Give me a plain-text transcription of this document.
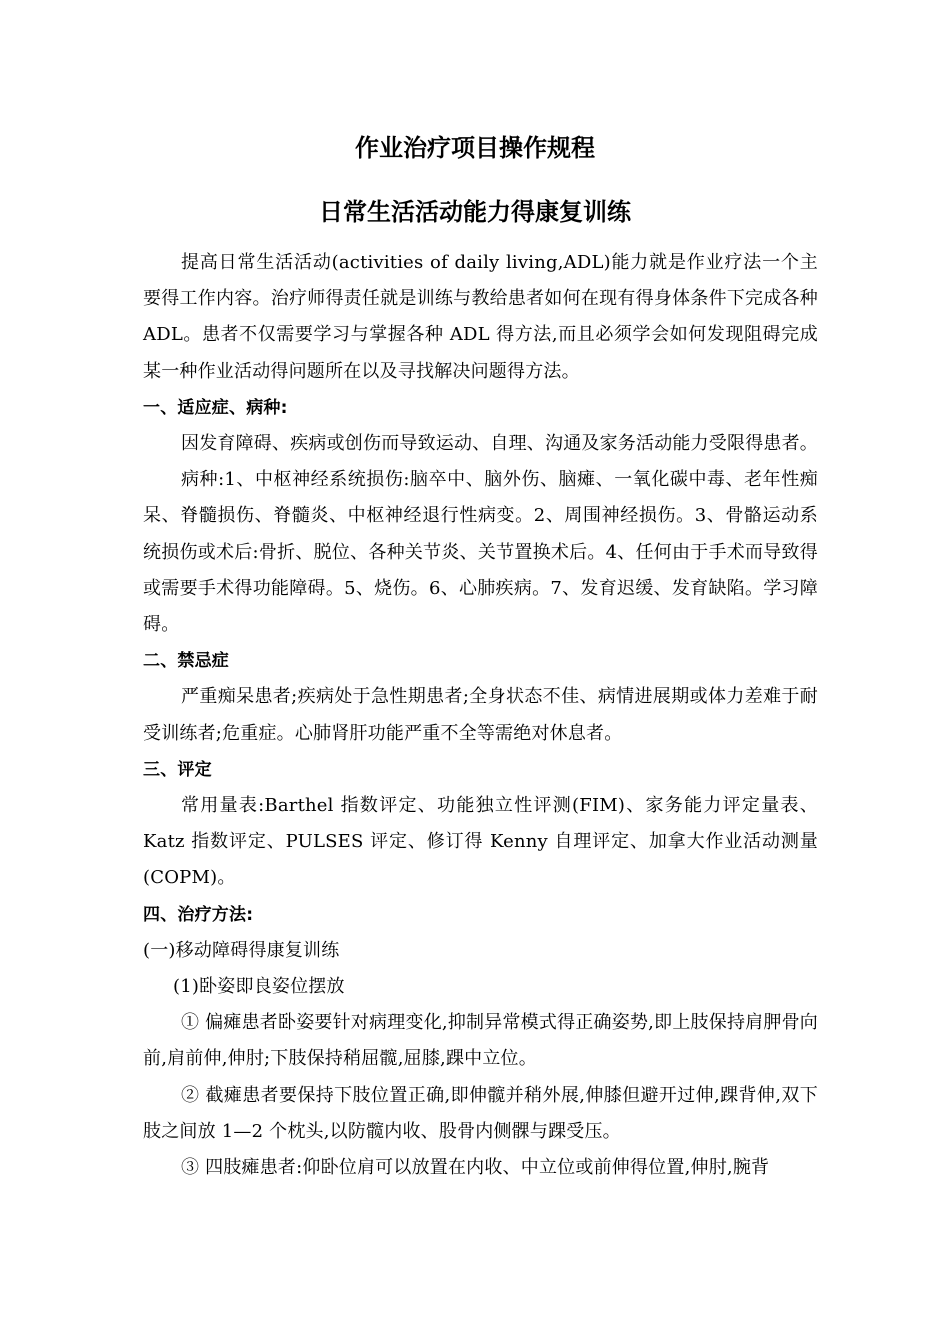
作业治疗项目操作规程
日常生活活动能力得康复训练

提高日常生活活动(activities of daily living,ADL)能力就是作业疗法一个主要得工作内容。治疗师得责任就是训练与教给患者如何在现有得身体条件下完成各种 ADL。患者不仅需要学习与掌握各种 ADL 得方法,而且必须学会如何发现阻碍完成某一种作业活动得问题所在以及寻找解决问题得方法。

一、适应症、病种:

因发育障碍、疾病或创伤而导致运动、自理、沟通及家务活动能力受限得患者。

病种:1、中枢神经系统损伤:脑卒中、脑外伤、脑瘫、一氧化碳中毒、老年性痴呆、脊髓损伤、脊髓炎、中枢神经退行性病变。2、周围神经损伤。3、骨骼运动系统损伤或术后:骨折、脱位、各种关节炎、关节置换术后。4、任何由于手术而导致得或需要手术得功能障碍。5、烧伤。6、心肺疾病。7、发育迟缓、发育缺陷。学习障碍。

二、禁忌症

严重痴呆患者;疾病处于急性期患者;全身状态不佳、病情进展期或体力差难于耐受训练者;危重症。心肺肾肝功能严重不全等需绝对休息者。

三、评定

常用量表:Barthel 指数评定、功能独立性评测(FIM)、家务能力评定量表、Katz 指数评定、PULSES 评定、修订得 Kenny 自理评定、加拿大作业活动测量(COPM)。

四、治疗方法:

(一)移动障碍得康复训练

(1)卧姿即良姿位摆放

① 偏瘫患者卧姿要针对病理变化,抑制异常模式得正确姿势,即上肢保持肩胛骨向前,肩前伸,伸肘;下肢保持稍屈髋,屈膝,踝中立位。

② 截瘫患者要保持下肢位置正确,即伸髋并稍外展,伸膝但避开过伸,踝背伸,双下肢之间放 1—2 个枕头,以防髋内收、股骨内侧髁与踝受压。

③ 四肢瘫患者:仰卧位肩可以放置在内收、中立位或前伸得位置,伸肘,腕背
